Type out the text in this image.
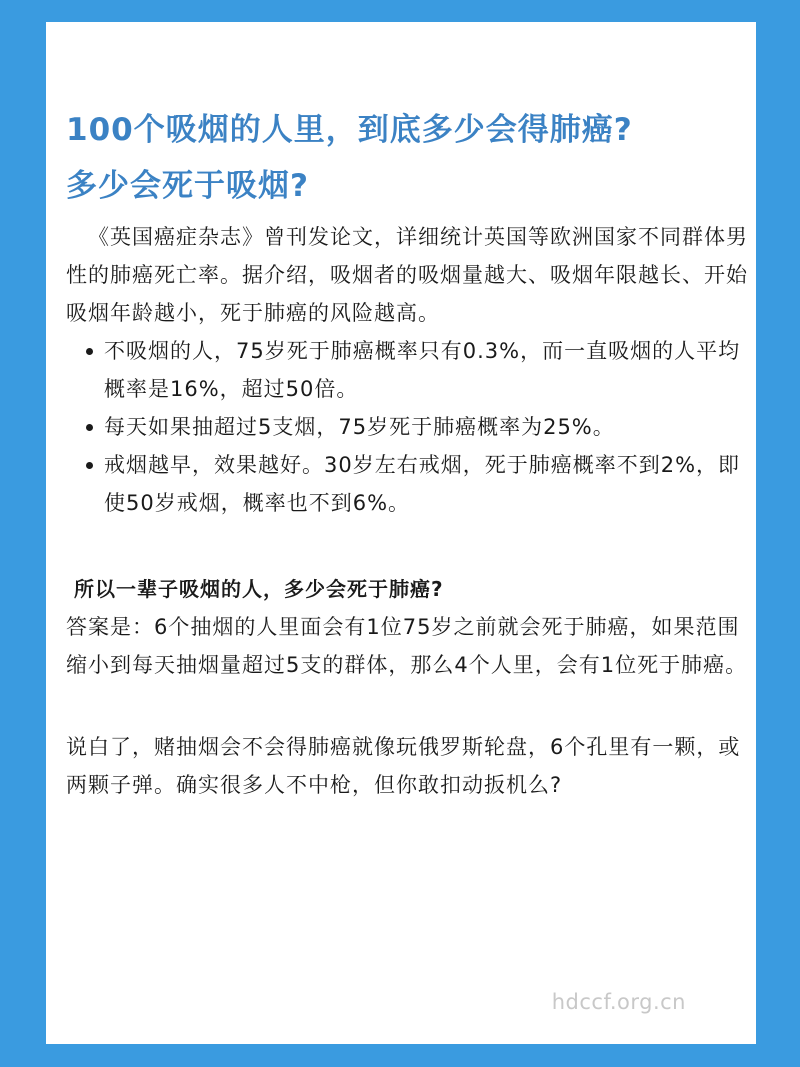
100个吸烟的人里，到底多少会得肺癌?
多少会死于吸烟?

《英国癌症杂志》曾刊发论文，详细统计英国等欧洲国家不同群体男性的肺癌死亡率。据介绍，吸烟者的吸烟量越大、吸烟年限越长、开始吸烟年龄越小，死于肺癌的风险越高。

不吸烟的人，75岁死于肺癌概率只有0.3%，而一直吸烟的人平均概率是16%，超过50倍。
每天如果抽超过5支烟，75岁死于肺癌概率为25%。
戒烟越早，效果越好。30岁左右戒烟，死于肺癌概率不到2%，即使50岁戒烟，概率也不到6%。

所以一辈子吸烟的人，多少会死于肺癌?

答案是：6个抽烟的人里面会有1位75岁之前就会死于肺癌，如果范围缩小到每天抽烟量超过5支的群体，那么4个人里，会有1位死于肺癌。

说白了，赌抽烟会不会得肺癌就像玩俄罗斯轮盘，6个孔里有一颗，或两颗子弹。确实很多人不中枪，但你敢扣动扳机么?

hdccf.org.cn
